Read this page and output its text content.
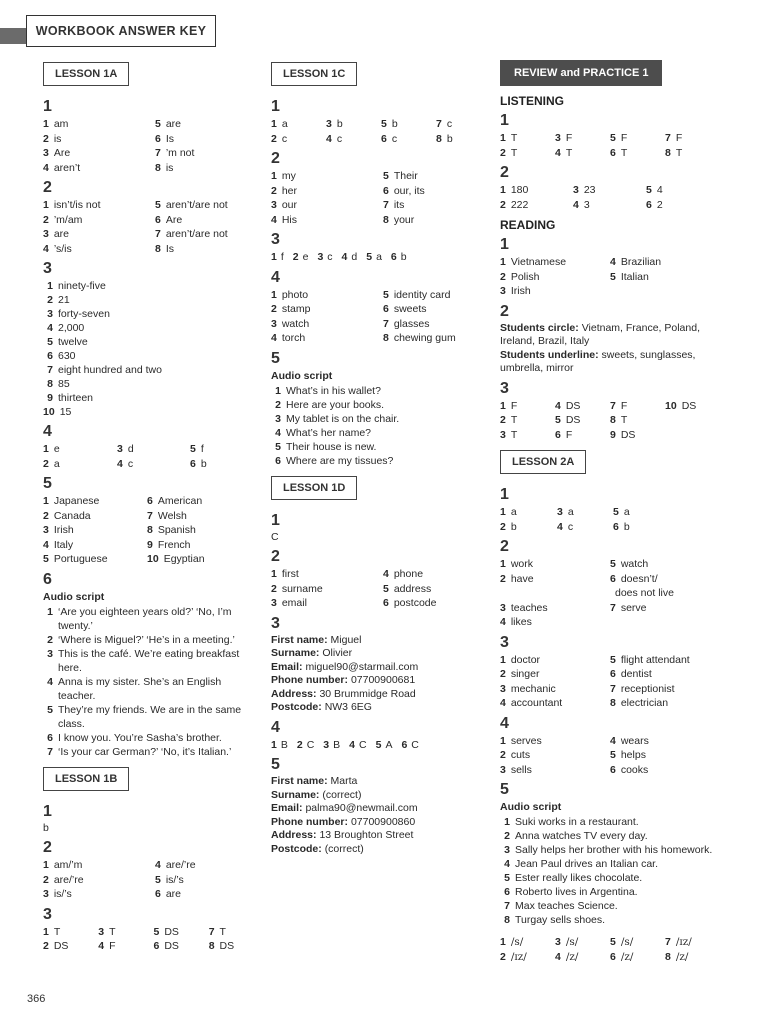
WORKBOOK ANSWER KEY
LESSON 1A
1
1 am	5 are
2 is	6 Is
3 Are	7 ’m not
4 aren’t	8 is
2
1 isn’t/is not	5 aren’t/are not
2 ’m/am	6 Are
3 are	7 aren’t/are not
4 ’s/is	8 Is
3
1 ninety-five
2 21
3 forty-seven
4 2,000
5 twelve
6 630
7 eight hundred and two
8 85
9 thirteen
10 15
4
1 e	3 d	5 f
2 a	4 c	6 b
5
1 Japanese	6 American
2 Canada	7 Welsh
3 Irish	8 Spanish
4 Italy	9 French
5 Portuguese	10 Egyptian
6
Audio script
1 ‘Are you eighteen years old?’ ‘No, I’m twenty.’
2 ‘Where is Miguel?’ ‘He’s in a meeting.’
3 This is the café. We’re eating breakfast here.
4 Anna is my sister. She’s an English teacher.
5 They’re my friends. We are in the same class.
6 I know you. You’re Sasha’s brother.
7 ‘Is your car German?’ ‘No, it’s Italian.’
LESSON 1B
1
b
2
1 am/’m	4 are/’re
2 are/’re	5 is/’s
3 is/’s	6 are
3
1 T	3 T	5 DS	7 T
2 DS	4 F	6 DS	8 DS
LESSON 1C
1
1 a	3 b	5 b	7 c
2 c	4 c	6 c	8 b
2
1 my	5 Their
2 her	6 our, its
3 our	7 its
4 His	8 your
3
1 f 2 e 3 c 4 d 5 a 6 b
4
1 photo	5 identity card
2 stamp	6 sweets
3 watch	7 glasses
4 torch	8 chewing gum
5
Audio script
1 What’s in his wallet?
2 Here are your books.
3 My tablet is on the chair.
4 What’s her name?
5 Their house is new.
6 Where are my tissues?
LESSON 1D
1
C
2
1 first	4 phone
2 surname	5 address
3 email	6 postcode
3
First name: Miguel
Surname: Olivier
Email: miguel90@starmail.com
Phone number: 07700900681
Address: 30 Brummidge Road
Postcode: NW3 6EG
4
1 B 2 C 3 B 4 C 5 A 6 C
5
First name: Marta
Surname: (correct)
Email: palma90@newmail.com
Phone number: 07700900860
Address: 13 Broughton Street
Postcode: (correct)
REVIEW and PRACTICE 1
LISTENING
1
1 T	3 F	5 F	7 F
2 T	4 T	6 T	8 T
2
1 180	3 23	5 4
2 222	4 3	6 2
READING
1
1 Vietnamese	4 Brazilian
2 Polish	5 Italian
3 Irish
2
Students circle: Vietnam, France, Poland, Ireland, Brazil, Italy
Students underline: sweets, sunglasses, umbrella, mirror
3
1 F	4 DS	7 F	10 DS
2 T	5 DS	8 T
3 T	6 F	9 DS
LESSON 2A
1
1 a	3 a	5 a
2 b	4 c	6 b
2
1 work	5 watch
2 have	6 doesn’t/
does not live
3 teaches	7 serve
4 likes
3
1 doctor	5 flight attendant
2 singer	6 dentist
3 mechanic	7 receptionist
4 accountant	8 electrician
4
1 serves	4 wears
2 cuts	5 helps
3 sells	6 cooks
5
Audio script
1 Suki works in a restaurant.
2 Anna watches TV every day.
3 Sally helps her brother with his homework.
4 Jean Paul drives an Italian car.
5 Ester really likes chocolate.
6 Roberto lives in Argentina.
7 Max teaches Science.
8 Turgay sells shoes.
1 /s/	3 /s/	5 /s/	7 /ɪz/
2 /ɪz/	4 /z/	6 /z/	8 /z/
366
